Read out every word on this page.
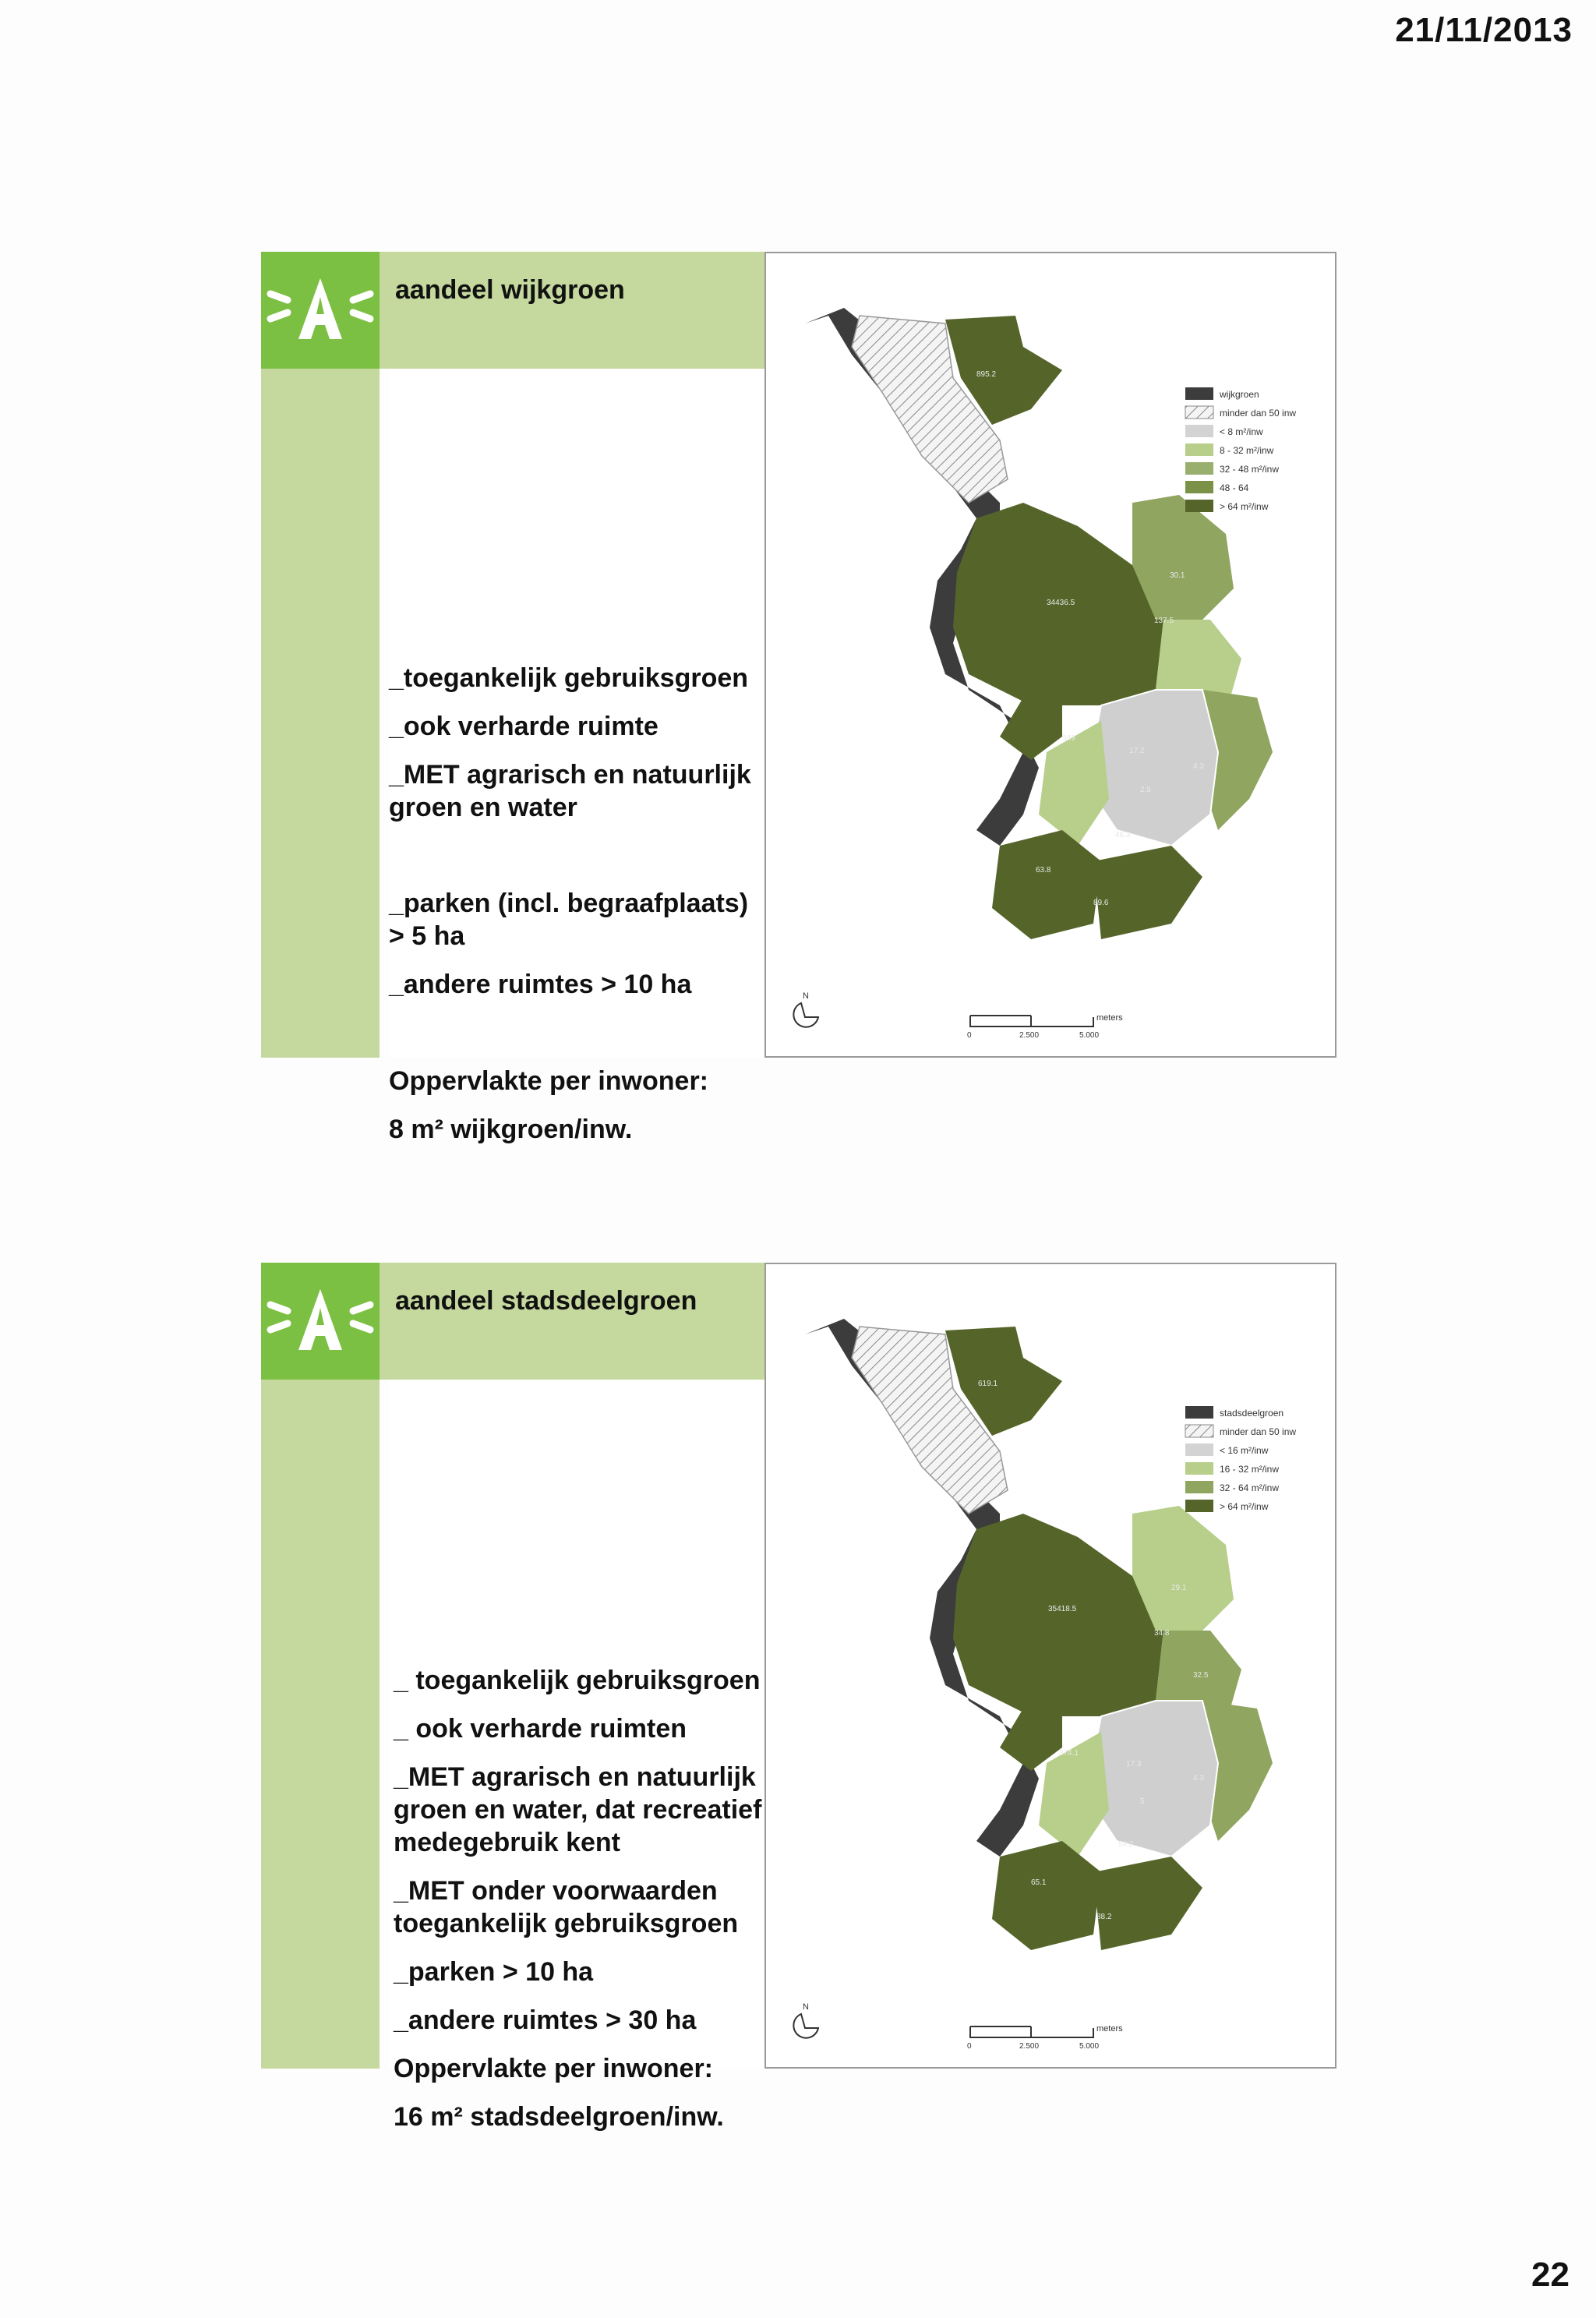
21/11/2013
aandeel wijkgroen
_toegankelijk gebruiksgroen
_ook verharde ruimte
_MET agrarisch en natuurlijk
groen en water
_parken (incl. begraafplaats)
> 5 ha
_andere ruimtes > 10 ha
Oppervlakte per inwoner:
8 m² wijkgroen/inw.
wijkgroen
minder dan 50 inw
< 8 m²/inw
8 - 32 m²/inw
32 - 48 m²/inw
48 - 64
> 64 m²/inw
895.2
34436.5
137.5
30.1
349
17.2
4.3
2.5
46.3
63.8
89.6
N
meters
0	2.500	5.000
aandeel stadsdeelgroen
_ toegankelijk gebruiksgroen
_ ook verharde ruimten
_MET agrarisch en natuurlijk
groen en water, dat recreatief
medegebruik kent
_MET onder voorwaarden
toegankelijk gebruiksgroen
_parken > 10 ha
_andere ruimtes > 30 ha
Oppervlakte per inwoner:
16 m² stadsdeelgroen/inw.
stadsdeelgroen
minder dan 50 inw
< 16 m²/inw
16 - 32 m²/inw
32 - 64 m²/inw
> 64 m²/inw
619.1
35418.5
29.1
34.8
32.5
374.1
17.3
4.3
5
54.2
65.1
88.2
N
meters
0	2.500	5.000
22
